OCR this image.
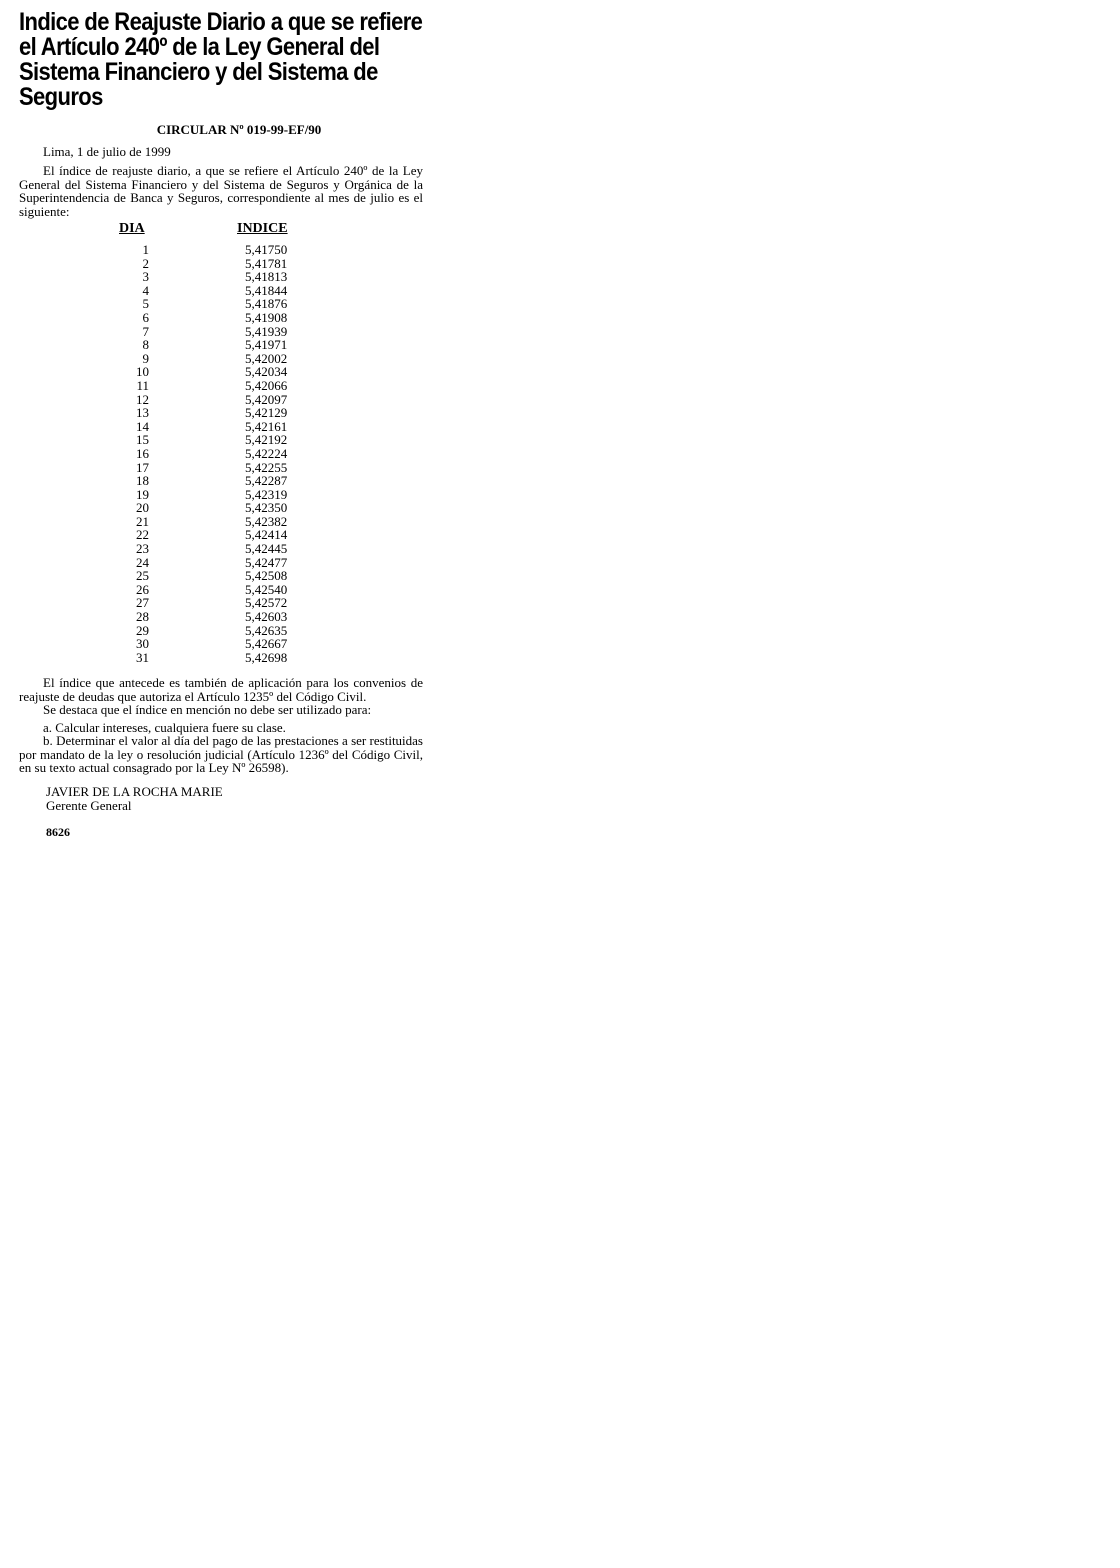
Indice de Reajuste Diario a que se refiere el Artículo 240º de la Ley General del Sistema Financiero y del Sistema de Seguros
CIRCULAR Nº 019-99-EF/90
Lima, 1 de julio de 1999

El índice de reajuste diario, a que se refiere el Artículo 240º de la Ley General del Sistema Financiero y del Sistema de Seguros y Orgánica de la Superintendencia de Banca y Seguros, correspondiente al mes de julio es el siguiente:

DIA	INDICE
1	5,41750
2	5,41781
3	5,41813
4	5,41844
5	5,41876
6	5,41908
7	5,41939
8	5,41971
9	5,42002
10	5,42034
11	5,42066
12	5,42097
13	5,42129
14	5,42161
15	5,42192
16	5,42224
17	5,42255
18	5,42287
19	5,42319
20	5,42350
21	5,42382
22	5,42414
23	5,42445
24	5,42477
25	5,42508
26	5,42540
27	5,42572
28	5,42603
29	5,42635
30	5,42667
31	5,42698

El índice que antecede es también de aplicación para los convenios de reajuste de deudas que autoriza el Artículo 1235º del Código Civil.

Se destaca que el índice en mención no debe ser utilizado para:

a. Calcular intereses, cualquiera fuere su clase.

b. Determinar el valor al día del pago de las prestaciones a ser restituidas por mandato de la ley o resolución judicial (Artículo 1236º del Código Civil, en su texto actual consagrado por la Ley Nº 26598).

JAVIER DE LA ROCHA MARIE
Gerente General
8626
